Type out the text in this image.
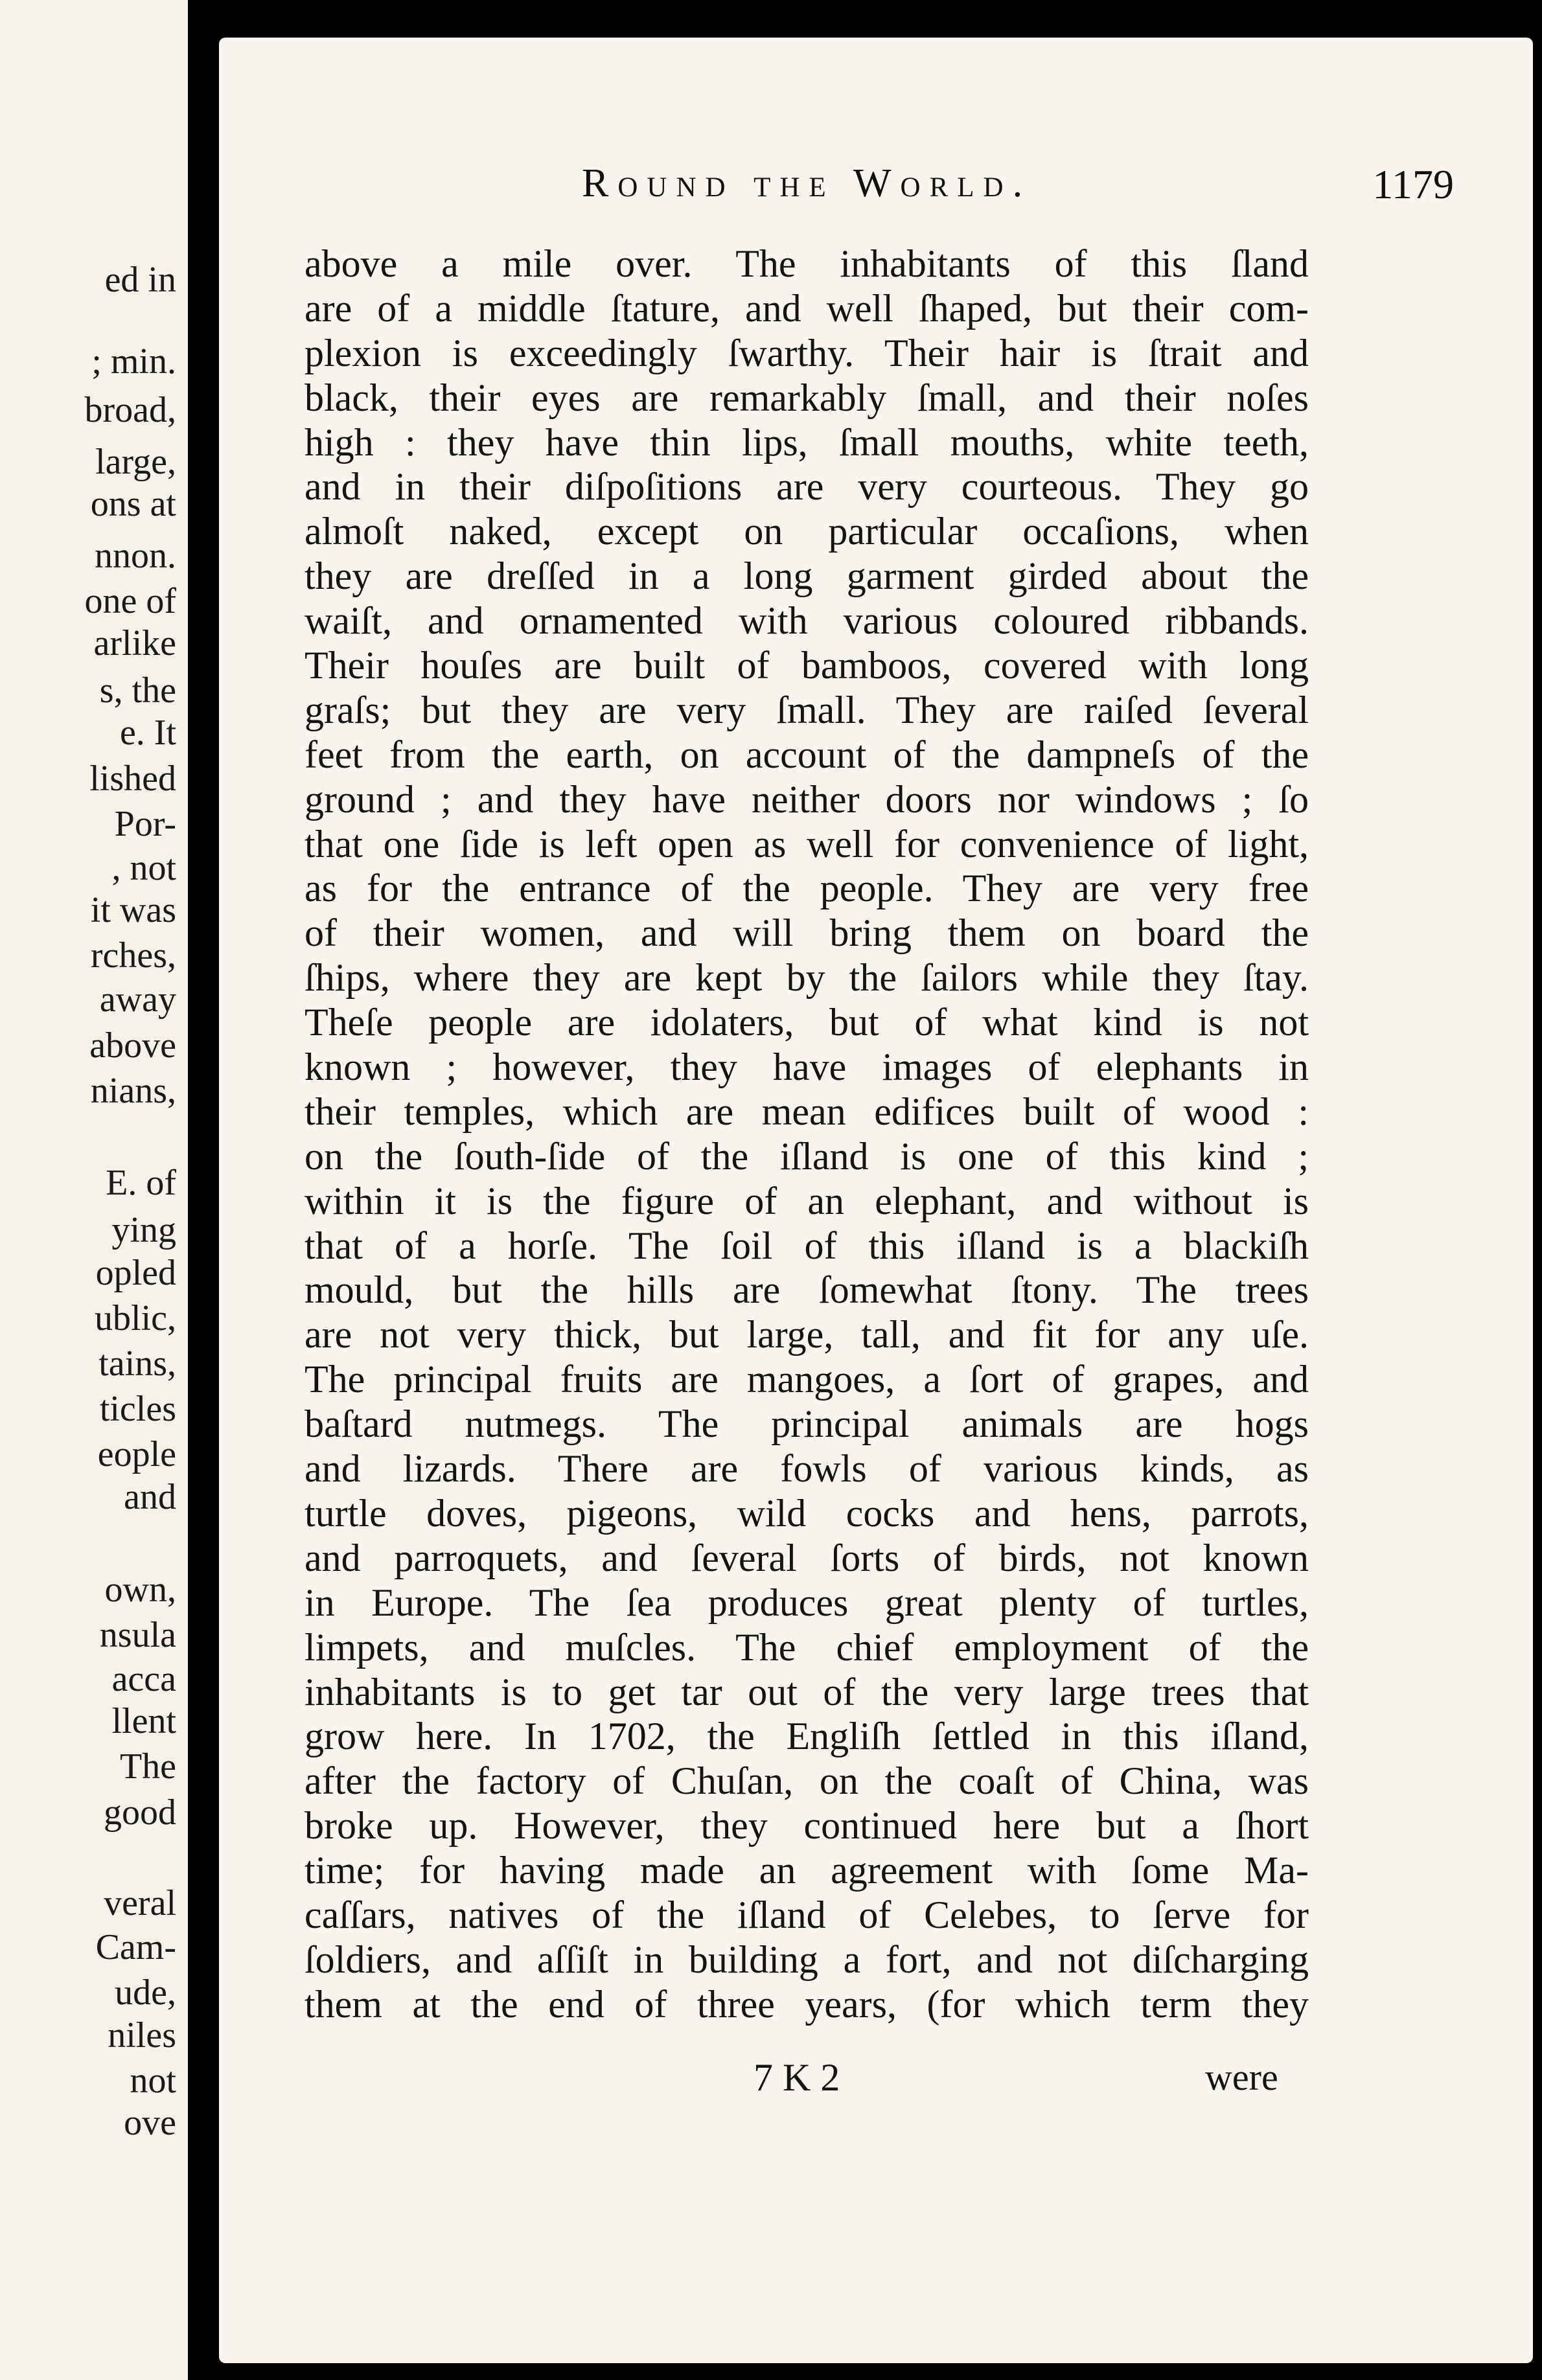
ed in
; min.
broad,
large,
ons at
nnon.
one of
arlike
s, the
e. It
lished
Por-
, not
it was
rches,
away
above
nians,
E. of
ying
opled
ublic,
tains,
ticles
eople
and
own,
nsula
acca
llent
The
good
veral
Cam-
ude,
niles
not
ove
Round the World.	1179
above a mile over. The inhabitants of this ſland
are of a middle ſtature, and well ſhaped, but their com-
plexion is exceedingly ſwarthy. Their hair is ſtrait and
black, their eyes are remarkably ſmall, and their noſes
high : they have thin lips, ſmall mouths, white teeth,
and in their diſpoſitions are very courteous. They go
almoſt naked, except on particular occaſions, when
they are dreſſed in a long garment girded about the
waiſt, and ornamented with various coloured ribbands.
Their houſes are built of bamboos, covered with long
graſs; but they are very ſmall. They are raiſed ſeveral
feet from the earth, on account of the dampneſs of the
ground ; and they have neither doors nor windows ; ſo
that one ſide is left open as well for convenience of light,
as for the entrance of the people. They are very free
of their women, and will bring them on board the
ſhips, where they are kept by the ſailors while they ſtay.
Theſe people are idolaters, but of what kind is not
known ; however, they have images of elephants in
their temples, which are mean edifices built of wood :
on the ſouth-ſide of the iſland is one of this kind ;
within it is the figure of an elephant, and without is
that of a horſe. The ſoil of this iſland is a blackiſh
mould, but the hills are ſomewhat ſtony. The trees
are not very thick, but large, tall, and fit for any uſe.
The principal fruits are mangoes, a ſort of grapes, and
baſtard nutmegs. The principal animals are hogs
and lizards. There are fowls of various kinds, as
turtle doves, pigeons, wild cocks and hens, parrots,
and parroquets, and ſeveral ſorts of birds, not known
in Europe. The ſea produces great plenty of turtles,
limpets, and muſcles. The chief employment of the
inhabitants is to get tar out of the very large trees that
grow here. In 1702, the Engliſh ſettled in this iſland,
after the factory of Chuſan, on the coaſt of China, was
broke up. However, they continued here but a ſhort
time; for having made an agreement with ſome Ma-
caſſars, natives of the iſland of Celebes, to ſerve for
ſoldiers, and aſſiſt in building a fort, and not diſcharging
them at the end of three years, (for which term they
7 K 2	were
